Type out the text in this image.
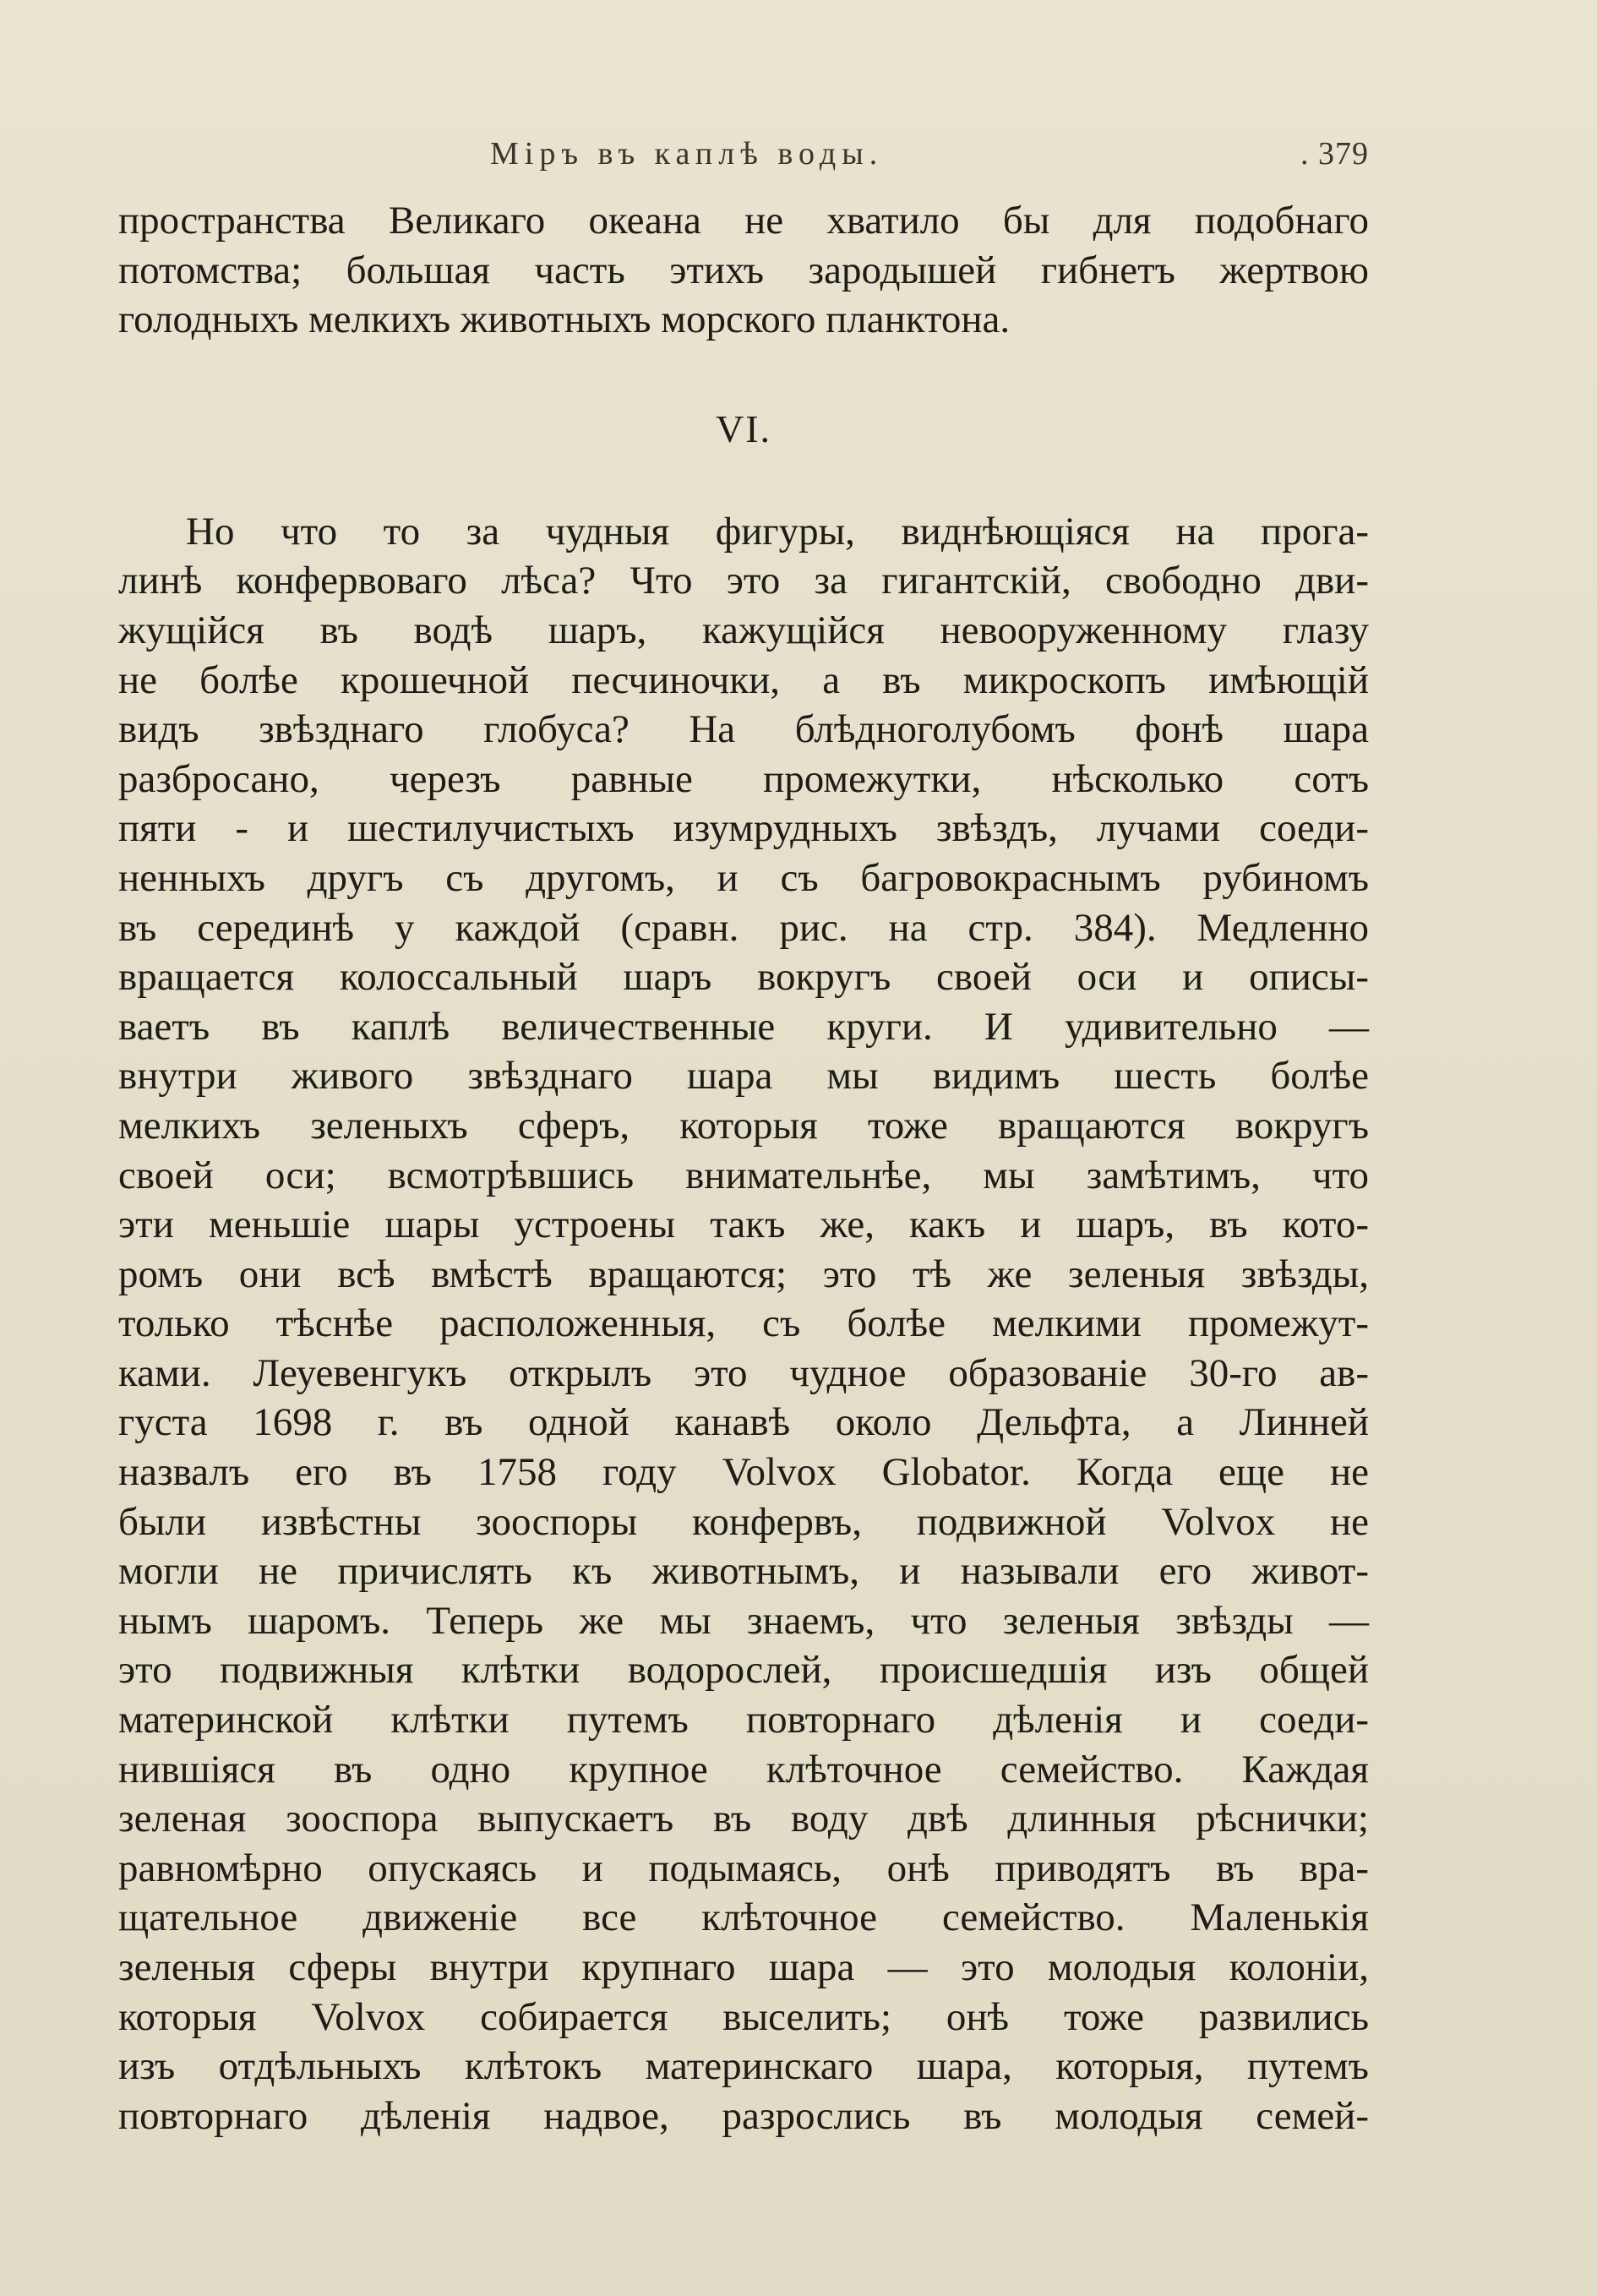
Міръ въ каплѣ воды.	. 379
пространства Великаго океана не хватило бы для подобнаго
потомства; большая часть этихъ зародышей гибнетъ жертвою
голодныхъ мелкихъ животныхъ морского планктона.
VI.
Но что то за чудныя фигуры, виднѣющіяся на прога-
линѣ конфервоваго лѣса? Что это за гигантскій, свободно дви-
жущійся въ водѣ шаръ, кажущійся невооруженному глазу
не болѣе крошечной песчиночки, а въ микроскопъ имѣющій
видъ звѣзднаго глобуса? На блѣдноголубомъ фонѣ шара
разбросано, черезъ равные промежутки, нѣсколько сотъ
пяти - и шестилучистыхъ изумрудныхъ звѣздъ, лучами соеди-
ненныхъ другъ съ другомъ, и съ багровокраснымъ рубиномъ
въ серединѣ у каждой (сравн. рис. на стр. 384). Медленно
вращается колоссальный шаръ вокругъ своей оси и описы-
ваетъ въ каплѣ величественные круги. И удивительно —
внутри живого звѣзднаго шара мы видимъ шесть болѣе
мелкихъ зеленыхъ сферъ, которыя тоже вращаются вокругъ
своей оси; всмотрѣвшись внимательнѣе, мы замѣтимъ, что
эти меньшіе шары устроены такъ же, какъ и шаръ, въ кото-
ромъ они всѣ вмѣстѣ вращаются; это тѣ же зеленыя звѣзды,
только тѣснѣе расположенныя, съ болѣе мелкими промежут-
ками. Леуевенгукъ открылъ это чудное образованіе 30-го ав-
густа 1698 г. въ одной канавѣ около Дельфта, а Линней
назвалъ его въ 1758 году Volvox Globator. Когда еще не
были извѣстны зооспоры конфервъ, подвижной Volvox не
могли не причислять къ животнымъ, и называли его живот-
нымъ шаромъ. Теперь же мы знаемъ, что зеленыя звѣзды —
это подвижныя клѣтки водорослей, происшедшія изъ общей
материнской клѣтки путемъ повторнаго дѣленія и соеди-
нившіяся въ одно крупное клѣточное семейство. Каждая
зеленая зооспора выпускаетъ въ воду двѣ длинныя рѣснички;
равномѣрно опускаясь и подымаясь, онѣ приводятъ въ вра-
щательное движеніе все клѣточное семейство. Маленькія
зеленыя сферы внутри крупнаго шара — это молодыя колоніи,
которыя Volvox собирается выселить; онѣ тоже развились
изъ отдѣльныхъ клѣтокъ материнскаго шара, которыя, путемъ
повторнаго дѣленія надвое, разрослись въ молодыя семей-
